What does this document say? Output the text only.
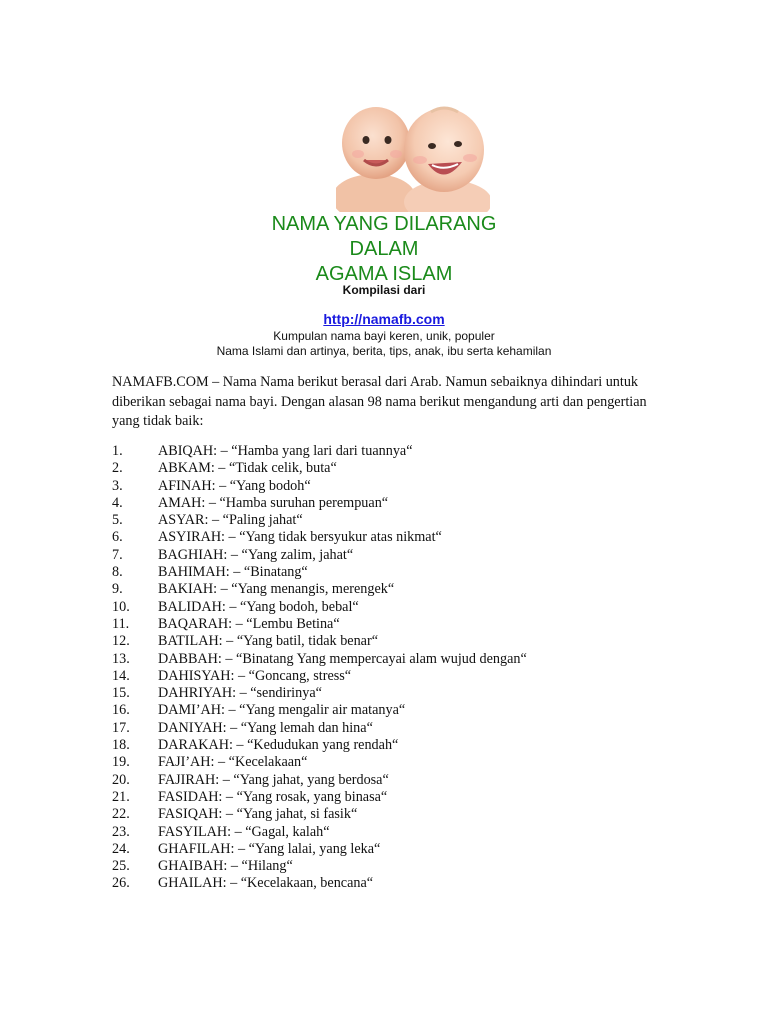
NAMA YANG DILARANG
DALAM
AGAMA ISLAM
Kompilasi dari
http://namafb.com
Kumpulan nama bayi keren, unik, populer
Nama Islami dan artinya, berita, tips, anak, ibu serta kehamilan
NAMAFB.COM – Nama Nama berikut berasal dari Arab. Namun sebaiknya dihindari untuk diberikan sebagai nama bayi. Dengan alasan 98 nama berikut mengandung arti dan pengertian yang tidak baik:
1.	ABIQAH: – “Hamba yang lari dari tuannya“
2.	ABKAM: – “Tidak celik, buta“
3.	AFINAH: – “Yang bodoh“
4.	AMAH: – “Hamba suruhan perempuan“
5.	ASYAR: – “Paling jahat“
6.	ASYIRAH: – “Yang tidak bersyukur atas nikmat“
7.	BAGHIAH: – “Yang zalim, jahat“
8.	BAHIMAH: – “Binatang“
9.	BAKIAH: – “Yang menangis, merengek“
10.	BALIDAH: – “Yang bodoh, bebal“
11.	BAQARAH: – “Lembu Betina“
12.	BATILAH: – “Yang batil, tidak benar“
13.	DABBAH: – “Binatang Yang mempercayai alam wujud dengan“
14.	DAHISYAH: – “Goncang, stress“
15.	DAHRIYAH: – “sendirinya“
16.	DAMI’AH: – “Yang mengalir air matanya“
17.	DANIYAH: – “Yang lemah dan hina“
18.	DARAKAH: – “Kedudukan yang rendah“
19.	FAJI’AH: – “Kecelakaan“
20.	FAJIRAH: – “Yang jahat, yang berdosa“
21.	FASIDAH: – “Yang rosak, yang binasa“
22.	FASIQAH: – “Yang jahat, si fasik“
23.	FASYILAH: – “Gagal, kalah“
24.	GHAFILAH: – “Yang lalai, yang leka“
25.	GHAIBAH: – “Hilang“
26.	GHAILAH: – “Kecelakaan, bencana“
